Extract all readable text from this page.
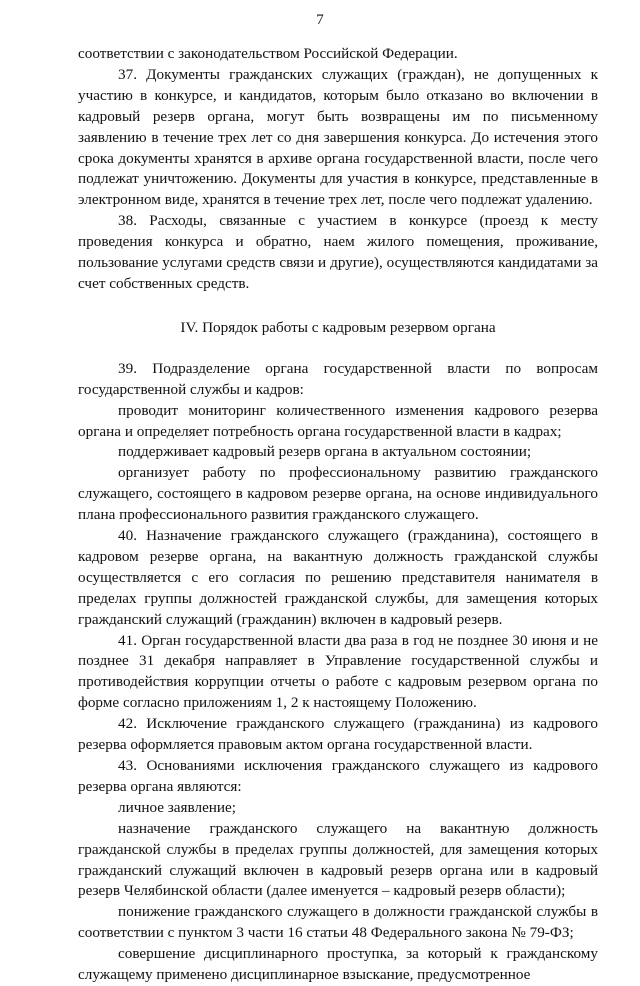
7

соответствии с законодательством Российской Федерации.

37. Документы гражданских служащих (граждан), не допущенных к участию в конкурсе, и кандидатов, которым было отказано во включении в кадровый резерв органа, могут быть возвращены им по письменному заявлению в течение трех лет со дня завершения конкурса. До истечения этого срока документы хранятся в архиве органа государственной власти, после чего подлежат уничтожению. Документы для участия в конкурсе, представленные в электронном виде, хранятся в течение трех лет, после чего подлежат удалению.

38. Расходы, связанные с участием в конкурсе (проезд к месту проведения конкурса и обратно, наем жилого помещения, проживание, пользование услугами средств связи и другие), осуществляются кандидатами за счет собственных средств.

IV. Порядок работы с кадровым резервом органа

39. Подразделение органа государственной власти по вопросам государственной службы и кадров:

проводит мониторинг количественного изменения кадрового резерва органа и определяет потребность органа государственной власти в кадрах;

поддерживает кадровый резерв органа в актуальном состоянии;

организует работу по профессиональному развитию гражданского служащего, состоящего в кадровом резерве органа, на основе индивидуального плана профессионального развития гражданского служащего.

40. Назначение гражданского служащего (гражданина), состоящего в кадровом резерве органа, на вакантную должность гражданской службы осуществляется с его согласия по решению представителя нанимателя в пределах группы должностей гражданской службы, для замещения которых гражданский служащий (гражданин) включен в кадровый резерв.

41. Орган государственной власти два раза в год не позднее 30 июня и не позднее 31 декабря направляет в Управление государственной службы и противодействия коррупции отчеты о работе с кадровым резервом органа по форме согласно приложениям 1, 2 к настоящему Положению.

42. Исключение гражданского служащего (гражданина) из кадрового резерва оформляется правовым актом органа государственной власти.

43. Основаниями исключения гражданского служащего из кадрового резерва органа являются:

личное заявление;

назначение гражданского служащего на вакантную должность гражданской службы в пределах группы должностей, для замещения которых гражданский служащий включен в кадровый резерв органа или в кадровый резерв Челябинской области (далее именуется – кадровый резерв области);

понижение гражданского служащего в должности гражданской службы в соответствии с пунктом 3 части 16 статьи 48 Федерального закона № 79-ФЗ;

совершение дисциплинарного проступка, за который к гражданскому служащему применено дисциплинарное взыскание, предусмотренное
